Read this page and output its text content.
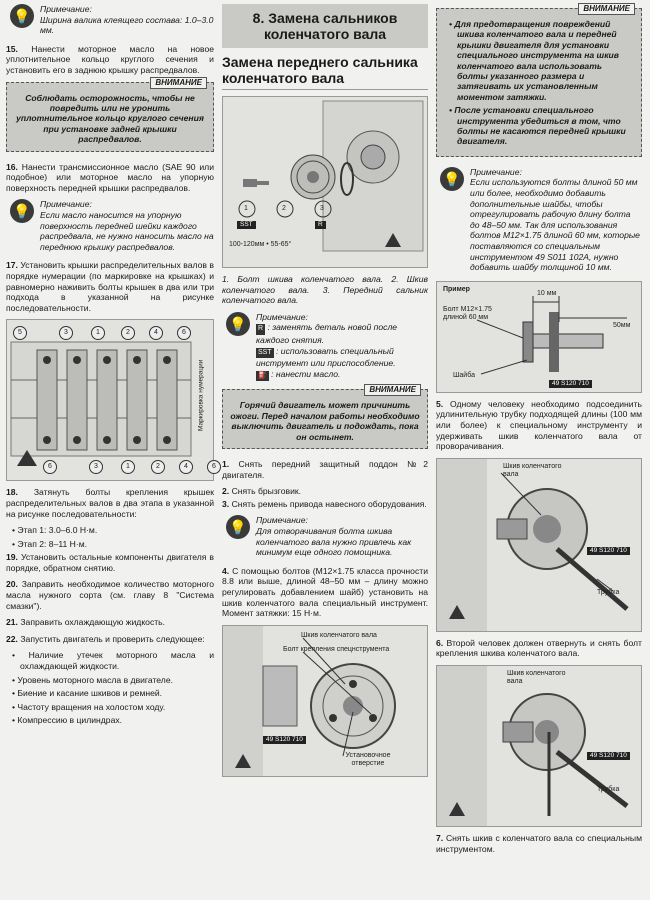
💡	Примечание:
Ширина валика клеящего состава: 1.0–3.0 мм.

15. Нанести моторное масло на новое уплотнительное кольцо круглого сечения и установить его в заднюю крышку распредвалов.

ВНИМАНИЕ
Соблюдать осторожность, чтобы не повредить или не уронить уплотнительное кольцо круглого сечения при установке задней крышки распредвалов.

16. Нанести трансмиссионное масло (SAE 90 или подобное) или моторное масло на упорную поверхность передней крышки распредвалов.

💡	Примечание:
Если масло наносится на упорную поверхность передней шейки каждого распредвала, не нужно наносить масло на переднюю крышку распредвалов.

17. Установить крышки распределительных валов в порядке нумерации (по маркировке на крышках) и равномерно наживить болты крышек в два или три подхода в указанной на рисунке последовательности.

5	3	1	2	4	6
6	3	1	2	4	6
Маркировка нумерации

18. Затянуть болты крепления крышек распределительных валов в два этапа в указанной на рисунке последовательности:

• Этап 1: 3.0–6.0 Н·м.

• Этап 2: 8–11 Н·м.

19. Установить остальные компоненты двигателя в порядке, обратном снятию.

20. Заправить необходимое количество моторного масла нужного сорта (см. главу 8 "Система смазки").

21. Заправить охлаждающую жидкость.

22. Запустить двигатель и проверить следующее:

• Наличие утечек моторного масла и охлаждающей жидкости.

• Уровень моторного масла в двигателе.

• Биение и касание шкивов и ремней.

• Частоту вращения на холостом ходу.

• Компрессию в цилиндрах.

8. Замена сальников коленчатого вала
Замена переднего сальника коленчатого вала
1	2	3
SST	R
100-120мм • 55-65°

1. Болт шкива коленчатого вала. 2. Шкив коленчатого вала. 3. Передний сальник коленчатого вала.

💡	Примечание:
R : заменять деталь новой после каждого снятия.
SST : использовать специальный инструмент или приспособление.
⛽ : нанести масло.
ВНИМАНИЕ
Горячий двигатель может причинить ожоги. Перед началом работы необходимо выключить двигатель и подождать, пока он остынет.

1. Снять передний защитный поддон №2 двигателя.

2. Снять брызговик.

3. Снять ремень привода навесного оборудования.

💡	Примечание:
Для отворачивания болта шкива коленчатого вала нужно привлечь как минимум еще одного помощника.

4. С помощью болтов (M12×1.75 класса прочности 8.8 или выше, длиной 48–50 мм – длину можно регулировать добавлением шайб) установить на шкив коленчатого вала специальный инструмент. Момент затяжки: 15 Н·м.

Шкив коленчатого вала
Болт крепления спецнструмента
Установочное отверстие
49 S120 710
ВНИМАНИЕ
• Для предотвращения повреждений шкива коленчатого вала и передней крышки двигателя для установки специального инструмента на шкив коленчатого вала использовать болты указанного размера и затягивать их установленным моментом затяжки.
• После установки специального инструмента убедиться в том, что болты не касаются передней крышки двигателя.
💡	Примечание:
Если используются болты длиной 50 мм или более, необходимо добавить дополнительные шайбы, чтобы отрегулировать рабочую длину болта до 48–50 мм. Так для использования болтов M12×1.75 длиной 60 мм, которые поставляются со специальным инструментом 49 S011 102A, нужно добавить шайбу толщиной 10 мм.
Пример
Болт M12×1.75 длиной 60 мм
Шайба
10 мм
50мм
49 S120 710

5. Одному человеку необходимо подсоединить удлинительную трубку подходящей длины (100 мм или более) к специальному инструменту и удерживать шкив коленчатого вала от проворачивания.

Шкив коленчатого вала
Трубка
49 S120 710

6. Второй человек должен отвернуть и снять болт крепления шкива коленчатого вала.

Шкив коленчатого вала
Трубка
49 S120 710

7. Снять шкив с коленчатого вала со специальным инструментом.
